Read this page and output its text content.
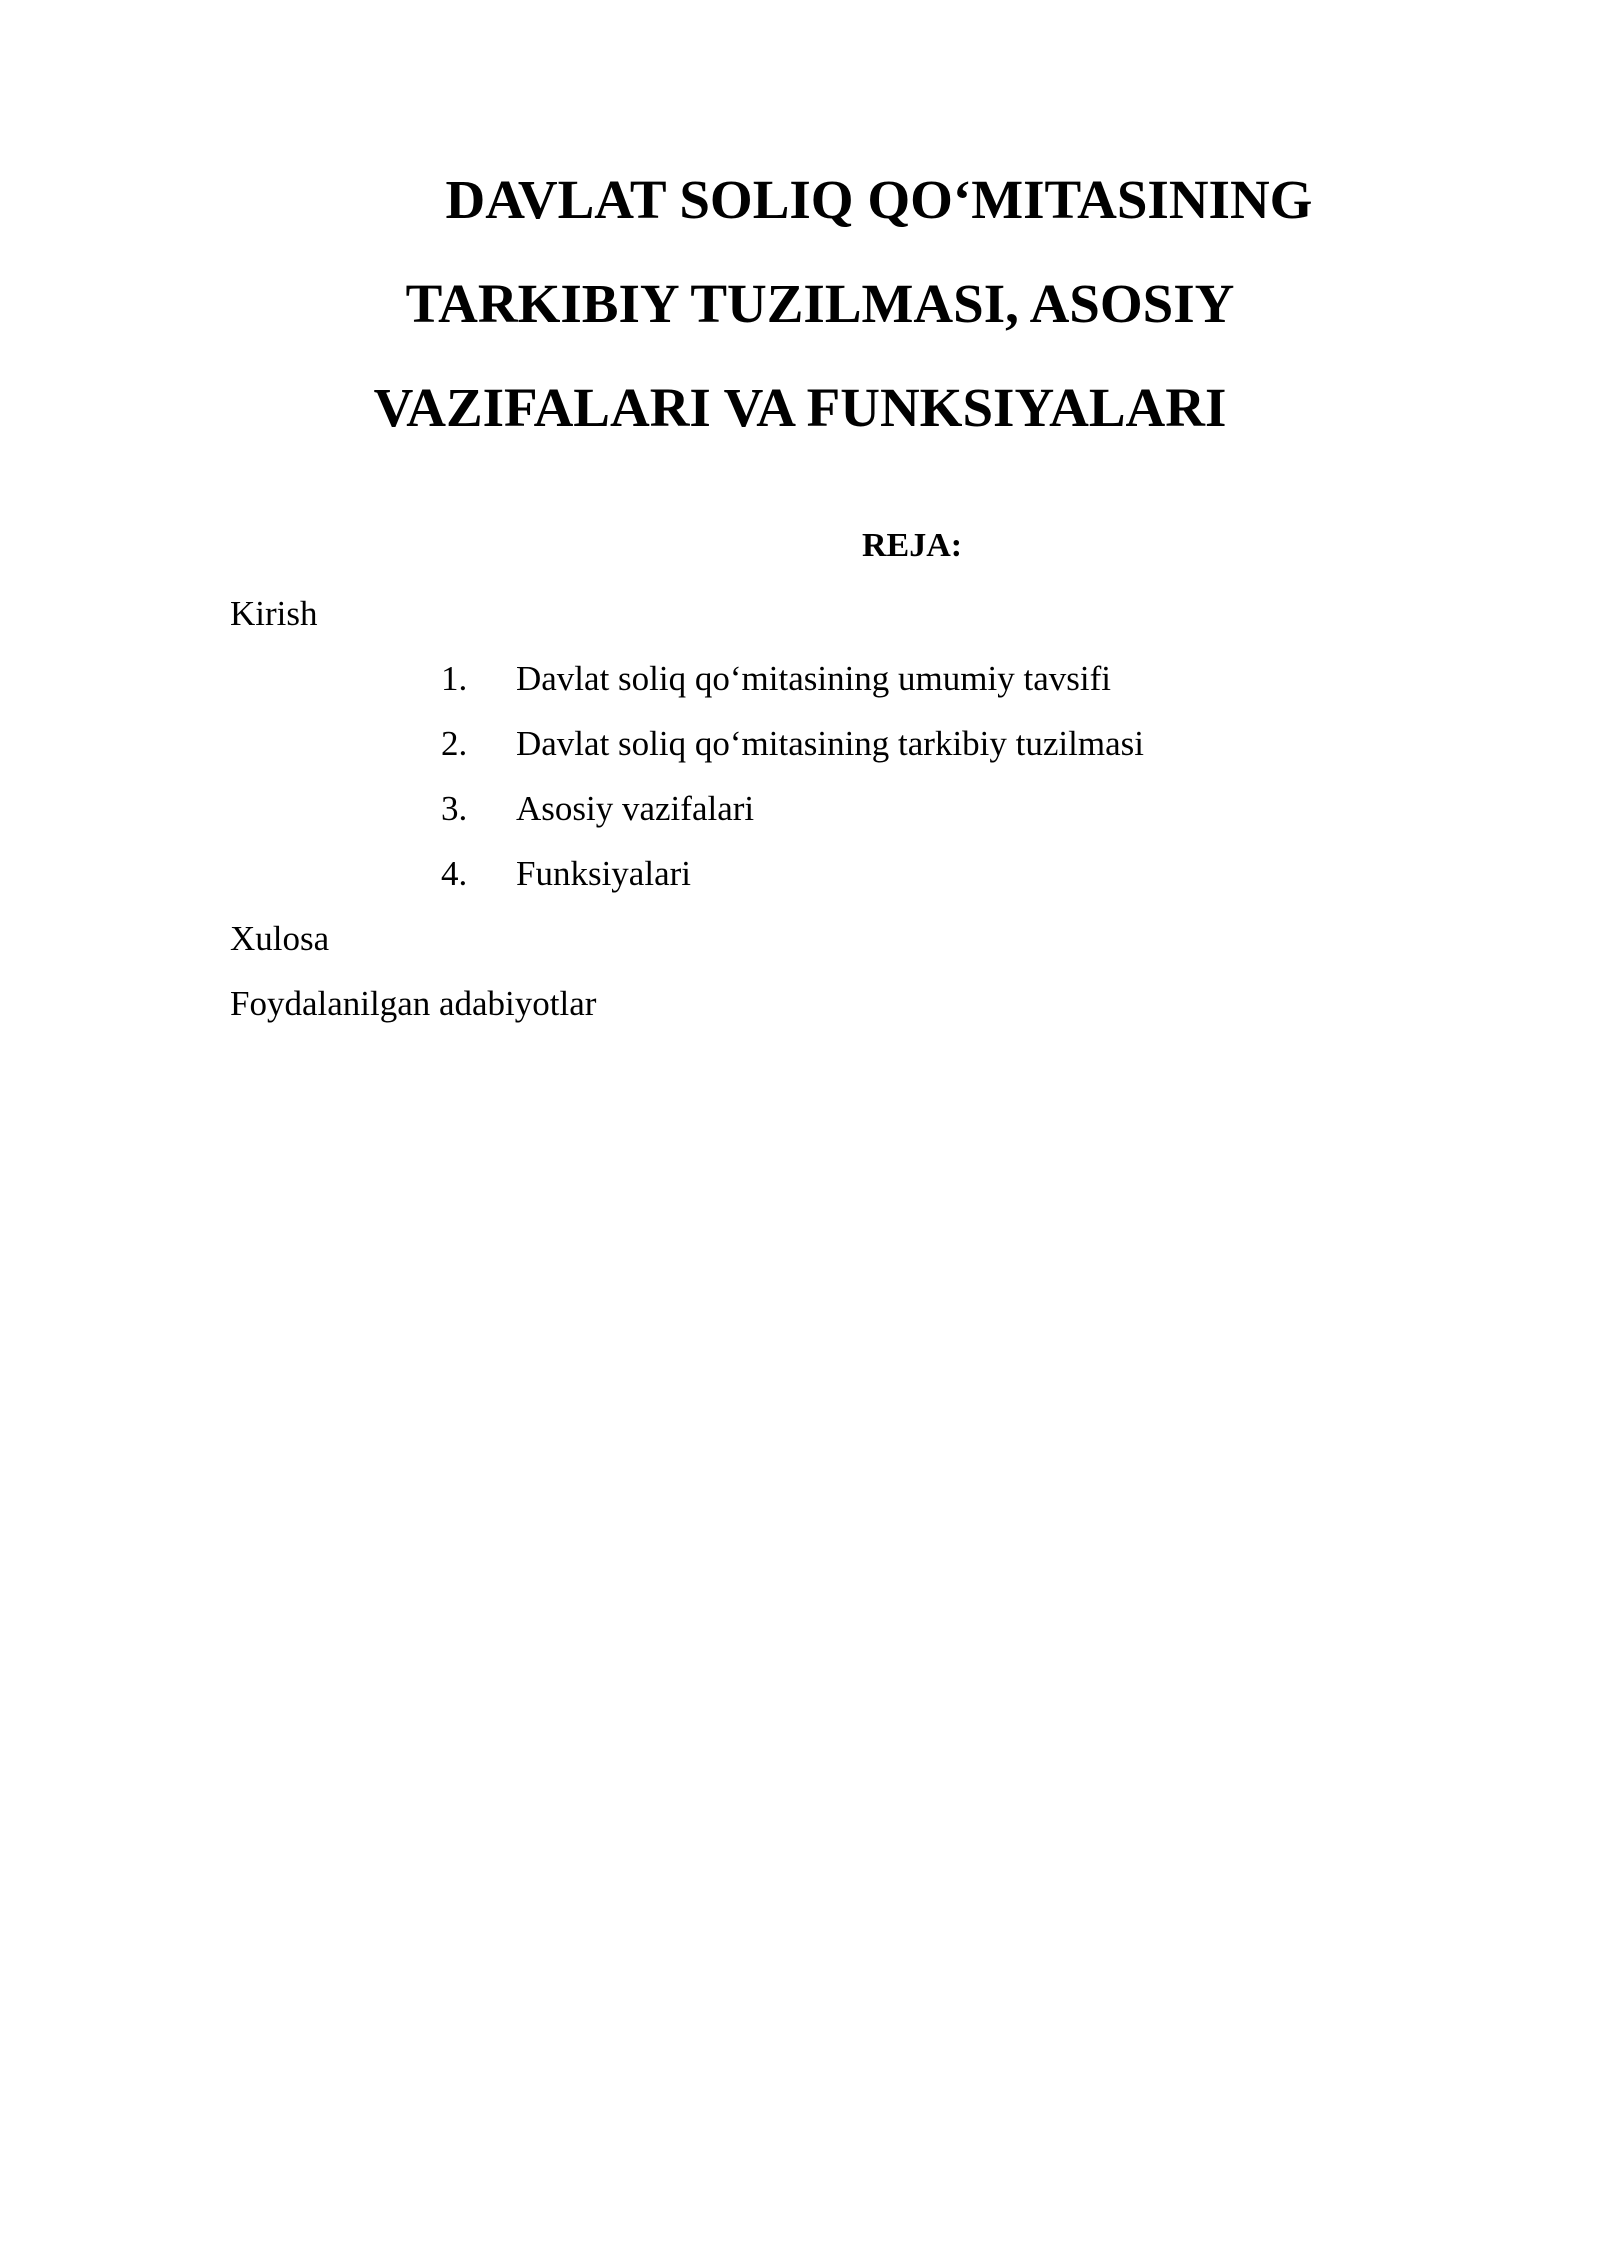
DAVLAT SOLIQ QO‘MITASINING
TARKIBIY TUZILMASI, ASOSIY
VAZIFALARI VA FUNKSIYALARI
REJA:
Kirish
1. Davlat soliq qo‘mitasining umumiy tavsifi
2. Davlat soliq qo‘mitasining tarkibiy tuzilmasi
3. Asosiy vazifalari
4. Funksiyalari
Xulosa
Foydalanilgan adabiyotlar
